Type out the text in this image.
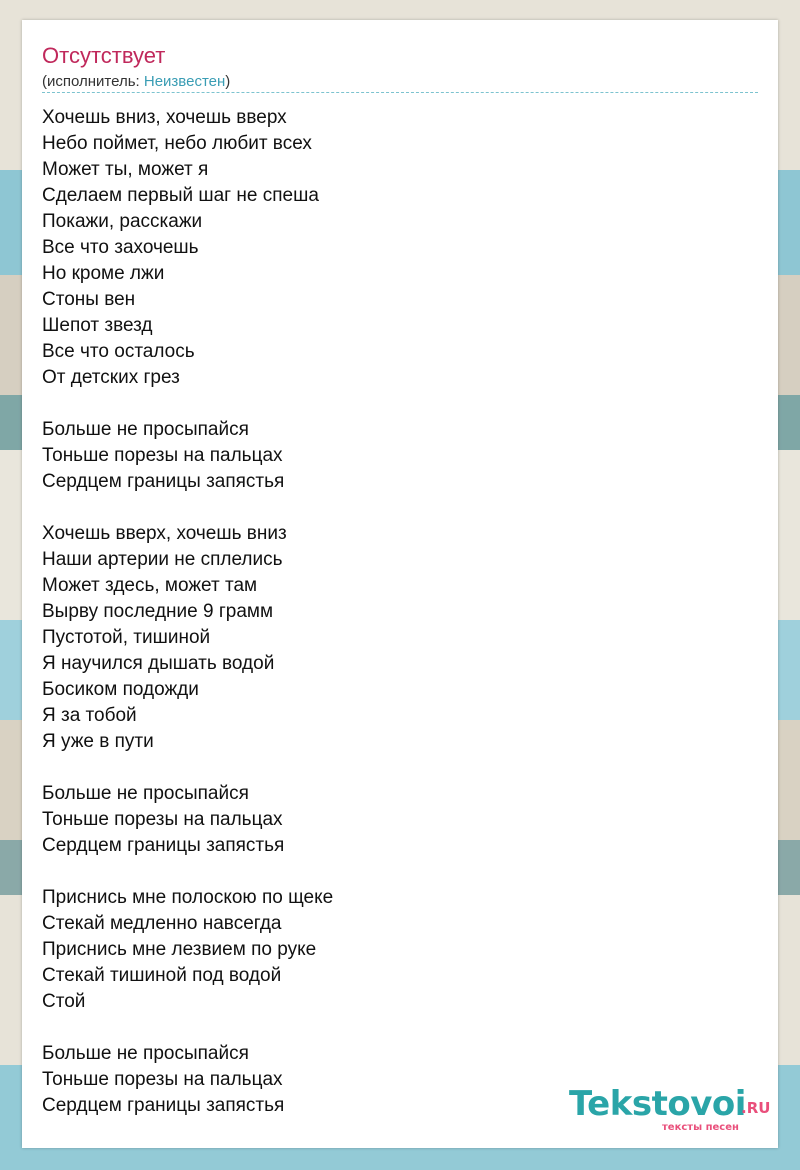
Отсутствует
(исполнитель: Неизвестен)
Хочешь вниз, хочешь вверх
Небо поймет, небо любит всех
Может ты, может я
Сделаем первый шаг не спеша
Покажи, расскажи
Все что захочешь
Но кроме лжи
Стоны вен
Шепот звезд
Все что осталось
От детских грез
Больше не просыпайся
Тоньше порезы на пальцах
Сердцем границы запястья
Хочешь вверх, хочешь вниз
Наши артерии не сплелись
Может здесь, может там
Вырву последние 9 грамм
Пустотой, тишиной
Я научился дышать водой
Босиком подожди
Я за тобой
Я уже в пути
Больше не просыпайся
Тоньше порезы на пальцах
Сердцем границы запястья
Приснись мне полоскою по щеке
Стекай медленно навсегда
Приснись мне лезвием по руке
Стекай тишиной под водой
Стой
Больше не просыпайся
Тоньше порезы на пальцах
Сердцем границы запястья	Tekstovoi
.RU
тексты песен
